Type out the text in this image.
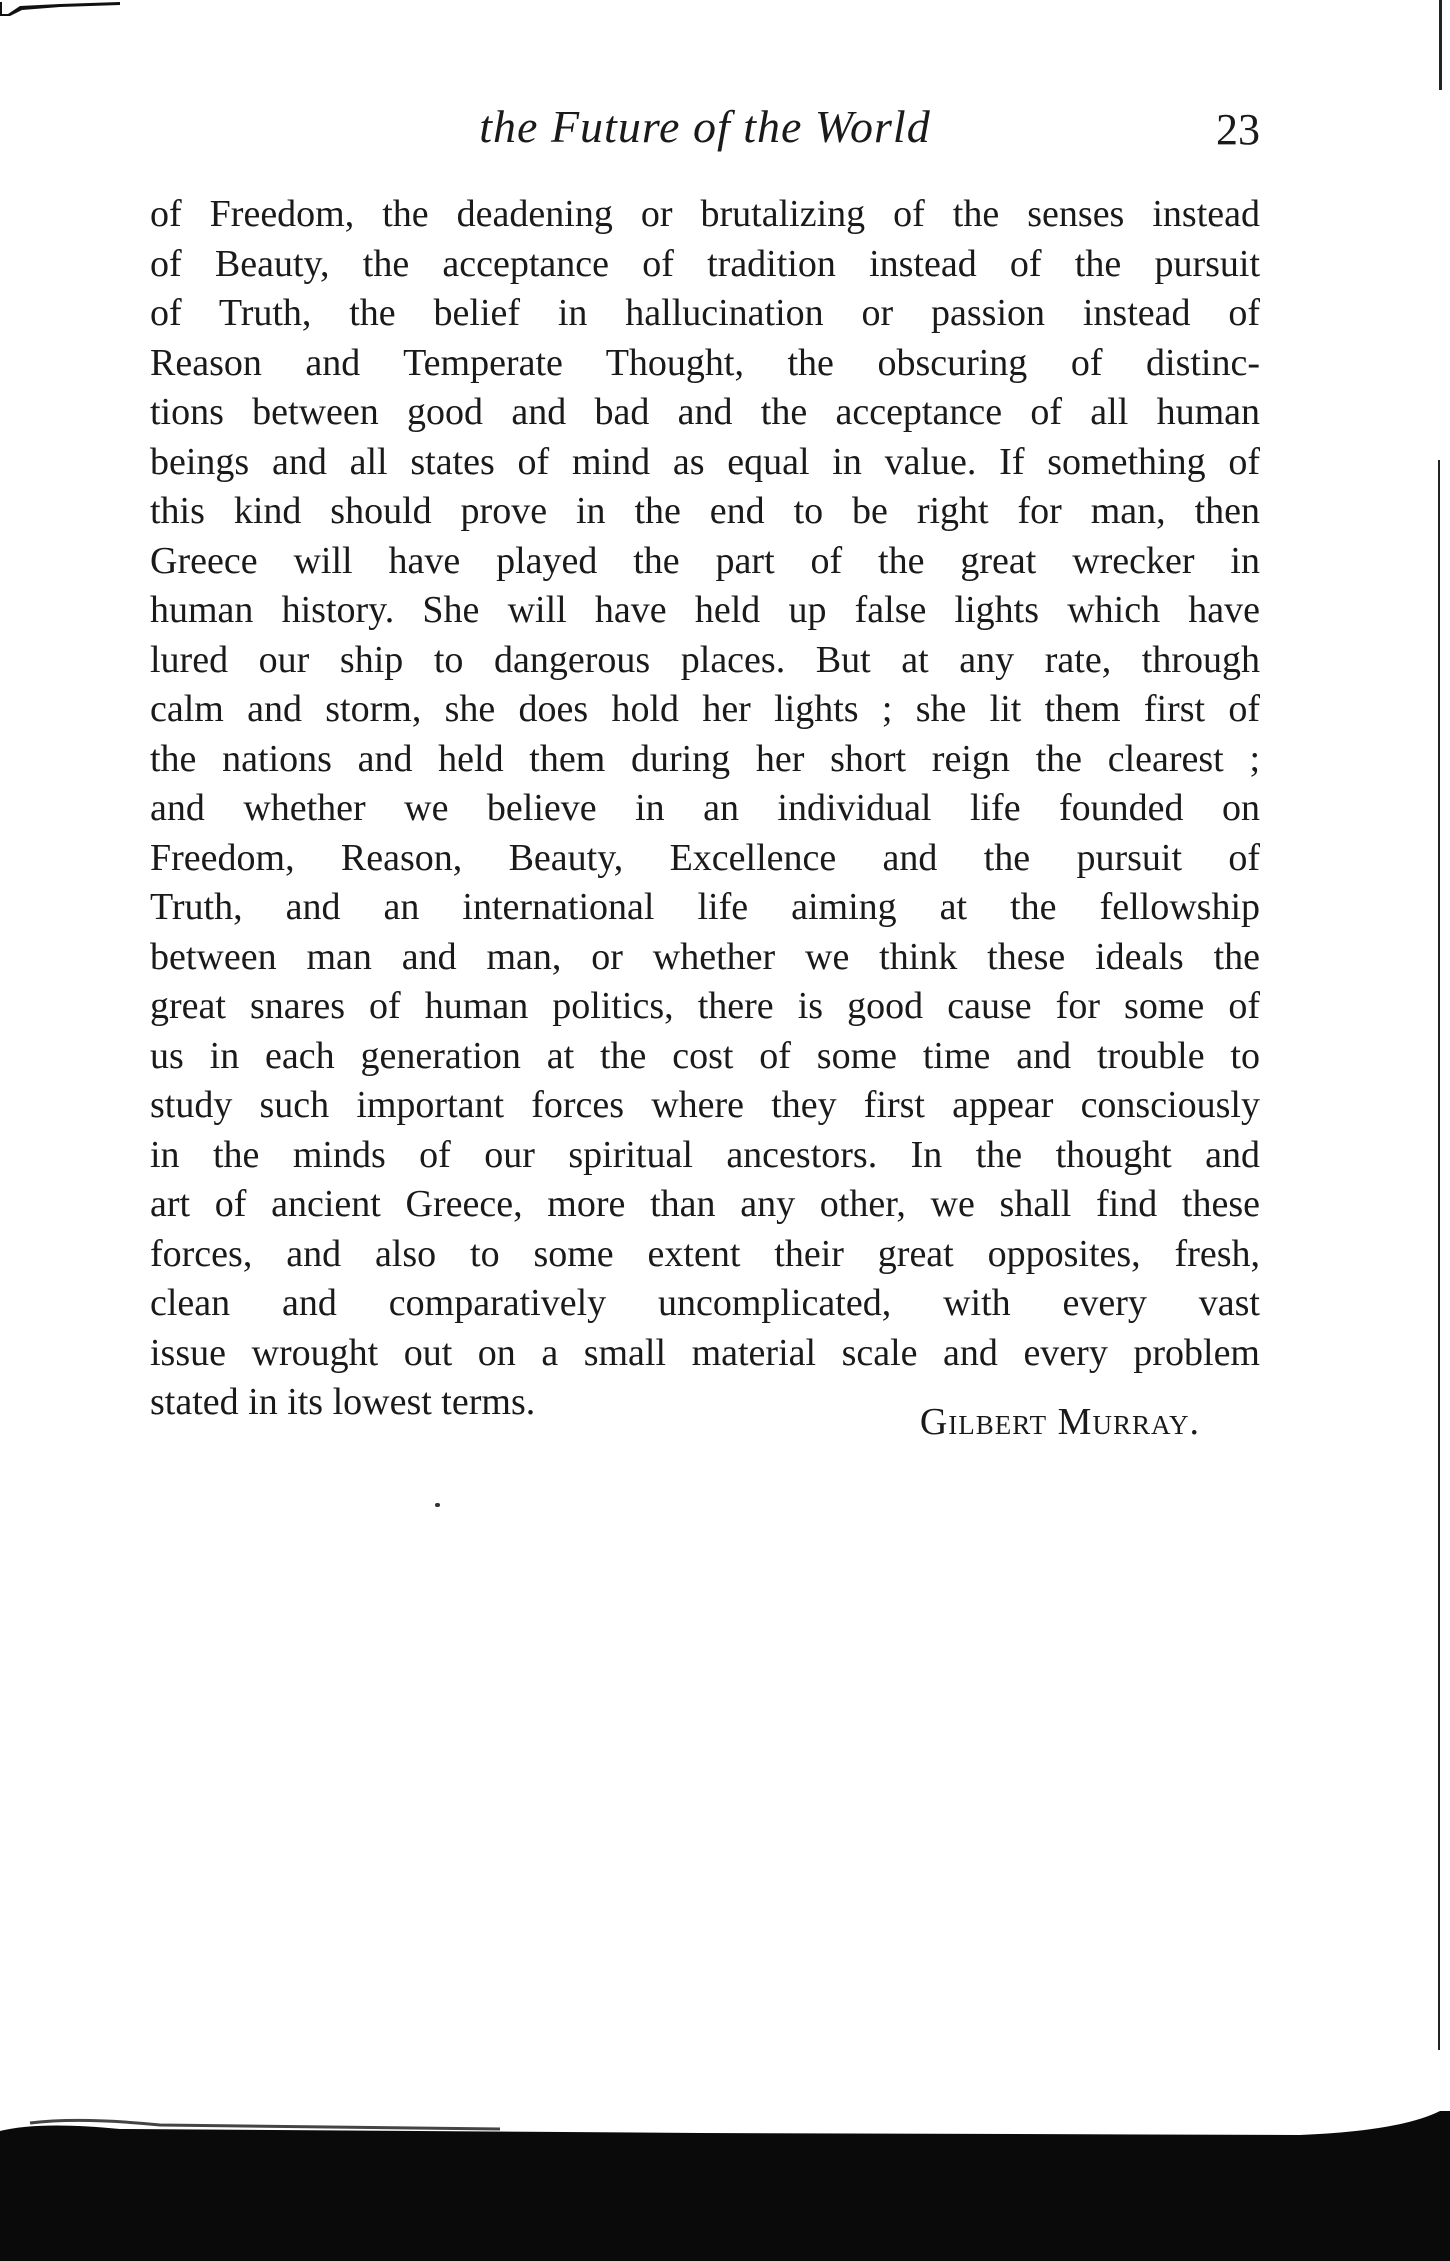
the Future of the World	23
of Freedom, the deadening or brutalizing of the senses instead
of Beauty, the acceptance of tradition instead of the pursuit
of Truth, the belief in hallucination or passion instead of
Reason and Temperate Thought, the obscuring of distinc-
tions between good and bad and the acceptance of all human
beings and all states of mind as equal in value. If something of
this kind should prove in the end to be right for man, then
Greece will have played the part of the great wrecker in
human history. She will have held up false lights which have
lured our ship to dangerous places. But at any rate, through
calm and storm, she does hold her lights ; she lit them first of
the nations and held them during her short reign the clearest ;
and whether we believe in an individual life founded on
Freedom, Reason, Beauty, Excellence and the pursuit of
Truth, and an international life aiming at the fellowship
between man and man, or whether we think these ideals the
great snares of human politics, there is good cause for some of
us in each generation at the cost of some time and trouble to
study such important forces where they first appear consciously
in the minds of our spiritual ancestors. In the thought and
art of ancient Greece, more than any other, we shall find these
forces, and also to some extent their great opposites, fresh,
clean and comparatively uncomplicated, with every vast
issue wrought out on a small material scale and every problem
stated in its lowest terms.	Gilbert Murray.
